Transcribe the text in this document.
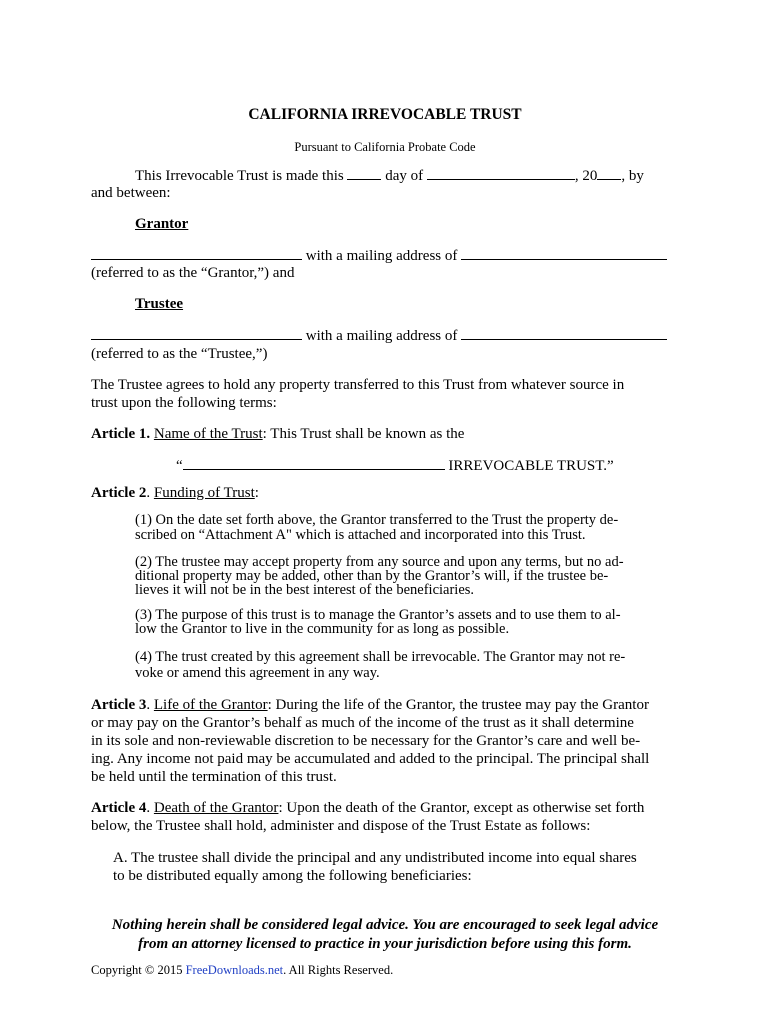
CALIFORNIA IRREVOCABLE TRUST
Pursuant to California Probate Code
This Irrevocable Trust is made this	day of	, 20 , by
and between:
Grantor
with a mailing address of
(referred to as the “Grantor,”) and
Trustee
with a mailing address of
(referred to as the “Trustee,”)
The Trustee agrees to hold any property transferred to this Trust from whatever source in
trust upon the following terms:
Article 1. Name of the Trust: This Trust shall be known as the
“	IRREVOCABLE TRUST.”
Article 2. Funding of Trust:
(1) On the date set forth above, the Grantor transferred to the Trust the property de-
scribed on “Attachment A" which is attached and incorporated into this Trust.
(2) The trustee may accept property from any source and upon any terms, but no ad-
ditional property may be added, other than by the Grantor’s will, if the trustee be-
lieves it will not be in the best interest of the beneficiaries.
(3) The purpose of this trust is to manage the Grantor’s assets and to use them to al-
low the Grantor to live in the community for as long as possible.
(4) The trust created by this agreement shall be irrevocable. The Grantor may not re-
voke or amend this agreement in any way.
Article 3. Life of the Grantor: During the life of the Grantor, the trustee may pay the Grantor
or may pay on the Grantor’s behalf as much of the income of the trust as it shall determine
in its sole and non-reviewable discretion to be necessary for the Grantor’s care and well be-
ing. Any income not paid may be accumulated and added to the principal. The principal shall
be held until the termination of this trust.
Article 4. Death of the Grantor: Upon the death of the Grantor, except as otherwise set forth
below, the Trustee shall hold, administer and dispose of the Trust Estate as follows:
A. The trustee shall divide the principal and any undistributed income into equal shares
to be distributed equally among the following beneficiaries:
Nothing herein shall be considered legal advice. You are encouraged to seek legal advice
from an attorney licensed to practice in your jurisdiction before using this form.
Copyright © 2015 FreeDownloads.net. All Rights Reserved.
